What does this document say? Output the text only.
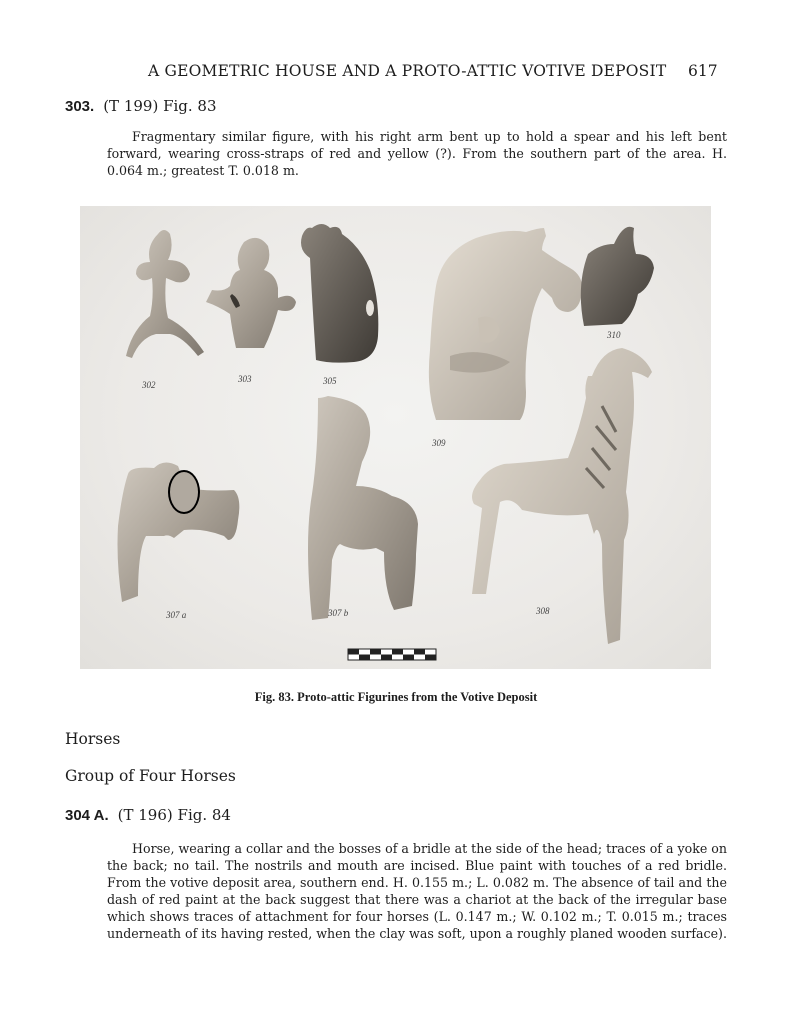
A GEOMETRIC HOUSE AND A PROTO-ATTIC VOTIVE DEPOSIT 617
303. (T 199) Fig. 83

Fragmentary similar figure, with his right arm bent up to hold a spear and his left bent forward, wearing cross-straps of red and yellow (?). From the southern part of the area. H. 0.064 m.; greatest T. 0.018 m.

302
303	305
309
310
307 a	307 b	308
Fig. 83. Proto-attic Figurines from the Votive Deposit
Horses
Group of Four Horses
304 A. (T 196) Fig. 84

Horse, wearing a collar and the bosses of a bridle at the side of the head; traces of a yoke on the back; no tail. The nostrils and mouth are incised. Blue paint with touches of a red bridle. From the votive deposit area, southern end. H. 0.155 m.; L. 0.082 m. The absence of tail and the dash of red paint at the back suggest that there was a chariot at the back of the irregular base which shows traces of attachment for four horses (L. 0.147 m.; W. 0.102 m.; T. 0.015 m.; traces underneath of its having rested, when the clay was soft, upon a roughly planed wooden surface).
